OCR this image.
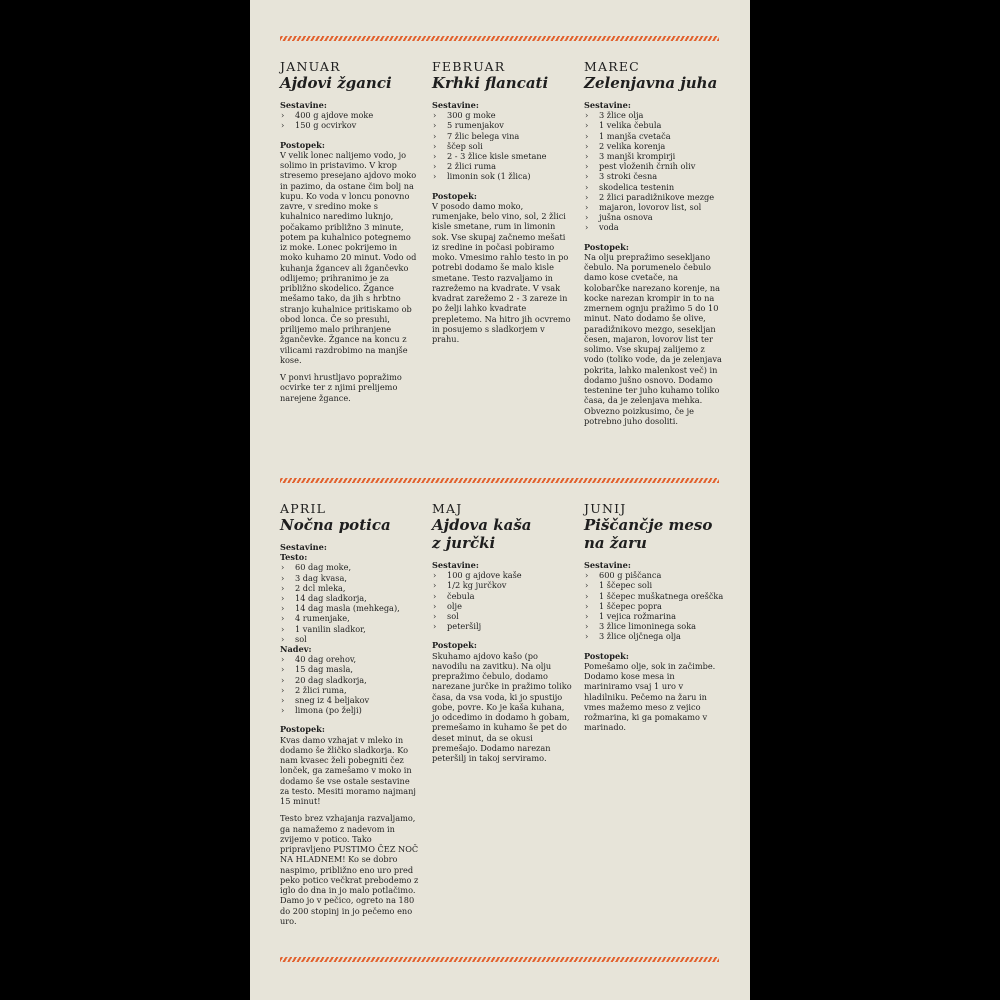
JANUAR
Ajdovi žganci
Sestavine:
› 400 g ajdove moke
› 150 g ocvirkov
Postopek:

V velik lonec nalijemo vodo, jo solimo in pristavimo. V krop stresemo presejano ajdovo moko in pazimo, da ostane čim bolj na kupu. Ko voda v loncu ponovno zavre, v sredino moke s kuhalnico naredimo luknjo, počakamo približno 3 minute, potem pa kuhalnico potegnemo iz moke. Lonec pokrijemo in moko kuhamo 20 minut. Vodo od kuhanja žgancev ali žgančevko odlijemo; prihranimo je za približno skodelico. Žgance mešamo tako, da jih s hrbtno stranjo kuhalnice pritiskamo ob obod lonca. Če so presuhi, prilijemo malo prihranjene žgančevke. Žgance na koncu z vilicami razdrobimo na manjše kose.

V ponvi hrustljavo popražimo ocvirke ter z njimi prelijemo narejene žgance.

FEBRUAR
Krhki flancati
Sestavine:
› 300 g moke
› 5 rumenjakov
› 7 žlic belega vina
› ščep soli
› 2 - 3 žlice kisle smetane
› 2 žlici ruma
› limonin sok (1 žlica)
Postopek:

V posodo damo moko, rumenjake, belo vino, sol, 2 žlici kisle smetane, rum in limonin sok. Vse skupaj začnemo mešati iz sredine in počasi pobiramo moko. Vmesimo rahlo testo in po potrebi dodamo še malo kisle smetane. Testo razvaljamo in razrežemo na kvadrate. V vsak kvadrat zarežemo 2 - 3 zareze in po želji lahko kvadrate prepletemo. Na hitro jih ocvremo in posujemo s sladkorjem v prahu.

MAREC
Zelenjavna juha
Sestavine:
› 3 žlice olja
› 1 velika čebula
› 1 manjša cvetača
› 2 velika korenja
› 3 manjši krompirji
› pest vloženih črnih oliv
› 3 stroki česna
› skodelica testenin
› 2 žlici paradižnikove mezge
› majaron, lovorov list, sol
› jušna osnova
› voda
Postopek:

Na olju prepražimo sesekljano čebulo. Na porumenelo čebulo damo kose cvetače, na kolobarčke narezano korenje, na kocke narezan krompir in to na zmernem ognju pražimo 5 do 10 minut. Nato dodamo še olive, paradižnikovo mezgo, sesekljan česen, majaron, lovorov list ter solimo. Vse skupaj zalijemo z vodo (toliko vode, da je zelenjava pokrita, lahko malenkost več) in dodamo jušno osnovo. Dodamo testenine ter juho kuhamo toliko časa, da je zelenjava mehka. Obvezno poizkusimo, če je potrebno juho dosoliti.

APRIL
Nočna potica
Sestavine:
Testo:
› 60 dag moke,
› 3 dag kvasa,
› 2 dcl mleka,
› 14 dag sladkorja,
› 14 dag masla (mehkega),
› 4 rumenjake,
› 1 vanilin sladkor,
› sol
Nadev:
› 40 dag orehov,
› 15 dag masla,
› 20 dag sladkorja,
› 2 žlici ruma,
› sneg iz 4 beljakov
› limona (po želji)
Postopek:

Kvas damo vzhajat v mleko in dodamo še žličko sladkorja. Ko nam kvasec želi pobegniti čez lonček, ga zamešamo v moko in dodamo še vse ostale sestavine za testo. Mesiti moramo najmanj 15 minut!

Testo brez vzhajanja razvaljamo, ga namažemo z nadevom in zvijemo v potico. Tako pripravljeno PUSTIMO ČEZ NOČ NA HLADNEM! Ko se dobro naspimo, približno eno uro pred peko potico večkrat prebodemo z iglo do dna in jo malo potlačimo. Damo jo v pečico, ogreto na 180 do 200 stopinj in jo pečemo eno uro.

MAJ
Ajdova kaša z jurčki
Sestavine:
› 100 g ajdove kaše
› 1/2 kg jurčkov
› čebula
› olje
› sol
› peteršilj
Postopek:

Skuhamo ajdovo kašo (po navodilu na zavitku). Na olju prepražimo čebulo, dodamo narezane jurčke in pražimo toliko časa, da vsa voda, ki jo spustijo gobe, povre. Ko je kaša kuhana, jo odcedimo in dodamo h gobam, premešamo in kuhamo še pet do deset minut, da se okusi premešajo. Dodamo narezan peteršilj in takoj serviramo.

JUNIJ
Piščančje meso na žaru
Sestavine:
› 600 g piščanca
› 1 ščepec soli
› 1 ščepec muškatnega oreščka
› 1 ščepec popra
› 1 vejica rožmarina
› 3 žlice limoninega soka
› 3 žlice oljčnega olja
Postopek:

Pomešamo olje, sok in začimbe. Dodamo kose mesa in mariniramo vsaj 1 uro v hladilniku. Pečemo na žaru in vmes mažemo meso z vejico rožmarina, ki ga pomakamo v marinado.
